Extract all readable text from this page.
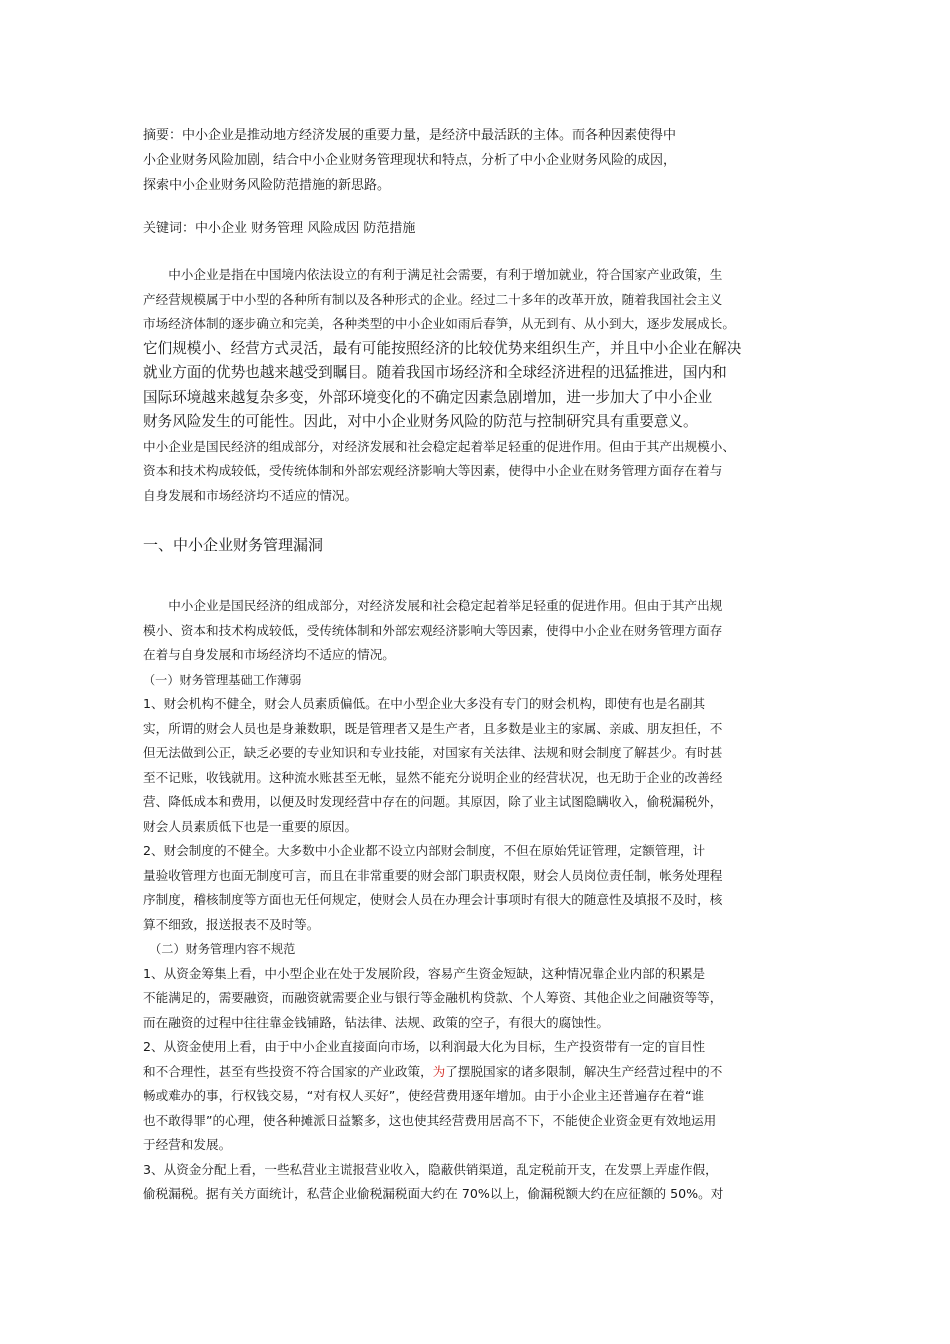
摘要：中小企业是推动地方经济发展的重要力量，是经济中最活跃的主体。而各种因素使得中
小企业财务风险加剧，结合中小企业财务管理现状和特点，分析了中小企业财务风险的成因，
探索中小企业财务风险防范措施的新思路。

关键词：中小企业 财务管理 风险成因 防范措施

　　中小企业是指在中国境内依法设立的有利于满足社会需要，有利于增加就业，符合国家产业政策，生
产经营规模属于中小型的各种所有制以及各种形式的企业。经过二十多年的改革开放，随着我国社会主义
市场经济体制的逐步确立和完美，各种类型的中小企业如雨后春笋，从无到有、从小到大，逐步发展成长。

它们规模小、经营方式灵活，最有可能按照经济的比较优势来组织生产，并且中小企业在解决
就业方面的优势也越来越受到瞩目。随着我国市场经济和全球经济进程的迅猛推进，国内和
国际环境越来越复杂多变，外部环境变化的不确定因素急剧增加，进一步加大了中小企业
财务风险发生的可能性。因此，对中小企业财务风险的防范与控制研究具有重要意义。

中小企业是国民经济的组成部分，对经济发展和社会稳定起着举足轻重的促进作用。但由于其产出规模小、
资本和技术构成较低，受传统体制和外部宏观经济影响大等因素，使得中小企业在财务管理方面存在着与
自身发展和市场经济均不适应的情况。

一、中小企业财务管理漏洞

　　中小企业是国民经济的组成部分，对经济发展和社会稳定起着举足轻重的促进作用。但由于其产出规
模小、资本和技术构成较低，受传统体制和外部宏观经济影响大等因素，使得中小企业在财务管理方面存
在着与自身发展和市场经济均不适应的情况。

（一）财务管理基础工作薄弱

1、财会机构不健全，财会人员素质偏低。在中小型企业大多没有专门的财会机构，即使有也是名副其
实，所谓的财会人员也是身兼数职，既是管理者又是生产者，且多数是业主的家属、亲戚、朋友担任，不
但无法做到公正，缺乏必要的专业知识和专业技能，对国家有关法律、法规和财会制度了解甚少。有时甚
至不记账，收钱就用。这种流水账甚至无帐，显然不能充分说明企业的经营状况，也无助于企业的改善经
营、降低成本和费用，以便及时发现经营中存在的问题。其原因，除了业主试图隐瞒收入，偷税漏税外，
财会人员素质低下也是一重要的原因。

2、财会制度的不健全。大多数中小企业都不设立内部财会制度，不但在原始凭证管理，定额管理，计
量验收管理方也面无制度可言，而且在非常重要的财会部门职责权限，财会人员岗位责任制，帐务处理程
序制度，稽核制度等方面也无任何规定，使财会人员在办理会计事项时有很大的随意性及填报不及时，核
算不细致，报送报表不及时等。

　（二）财务管理内容不规范

1、从资金筹集上看，中小型企业在处于发展阶段，容易产生资金短缺，这种情况靠企业内部的积累是
不能满足的，需要融资，而融资就需要企业与银行等金融机构贷款、个人筹资、其他企业之间融资等等，
而在融资的过程中往往靠金钱铺路，钻法律、法规、政策的空子，有很大的腐蚀性。

2、从资金使用上看，由于中小企业直接面向市场，以利润最大化为目标，生产投资带有一定的盲目性
和不合理性，甚至有些投资不符合国家的产业政策，为了摆脱国家的诸多限制，解决生产经营过程中的不
畅或难办的事，行权钱交易，“对有权人买好”，使经营费用逐年增加。由于小企业主还普遍存在着“谁
也不敢得罪”的心理，使各种摊派日益繁多，这也使其经营费用居高不下，不能使企业资金更有效地运用
于经营和发展。

3、从资金分配上看，一些私营业主谎报营业收入，隐蔽供销渠道，乱定税前开支，在发票上弄虚作假，
偷税漏税。据有关方面统计，私营企业偷税漏税面大约在 70%以上，偷漏税额大约在应征额的 50%。对
